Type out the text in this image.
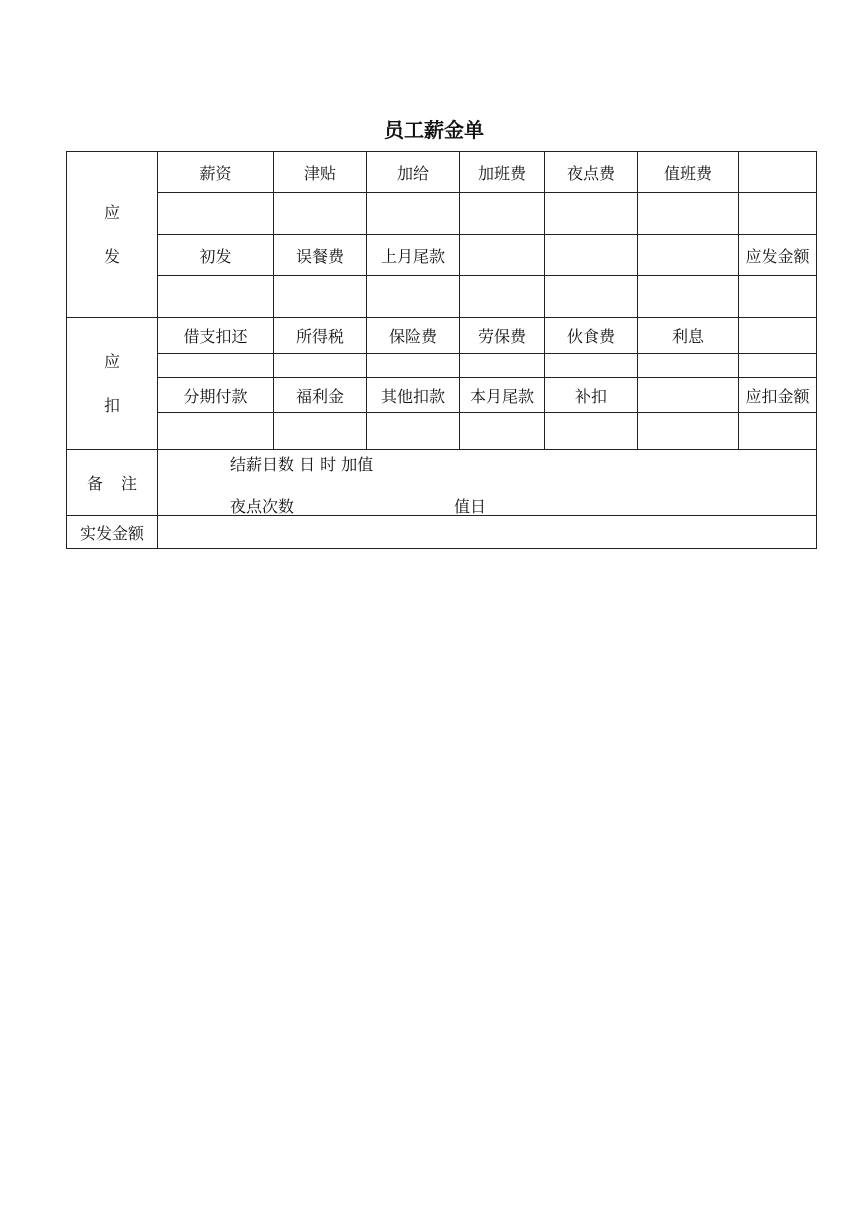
员工薪金单
应
发	薪资	津贴	加给	加班费	夜点费	值班费	

	初发	误餐费	上月尾款				应发金额

应
扣	借支扣还	所得税	保险费	劳保费	伙食费	利息	

	分期付款	福利金	其他扣款	本月尾款	补扣		应扣金额

备注	结薪日数 日 时 加值
夜点次数 值日						

实发金额							
